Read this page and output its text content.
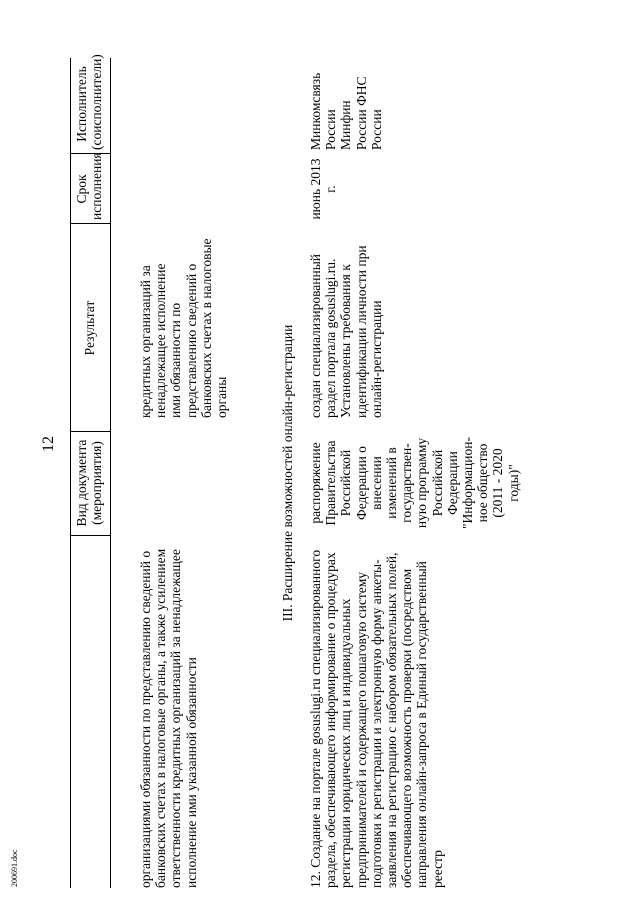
12
200691.doc
Вид документа (мероприятия)
Результат
Срок исполнения
Исполнитель (соисполнители)
организациями обязанности по представлению сведений о банковских счетах в налоговые органы, а также усилением ответственности кредитных организаций за ненадлежащее исполнение ими указанной обязанности
кредитных организаций за ненадлежащее исполнение ими обязанности по представлению сведений о банковских счетах в налоговые органы	III. Расширение возможностей онлайн-регистрации
12. Создание на портале gosuslugi.ru специализированного раздела, обеспечивающего информирование о процедурах регистрации юридических лиц и индивидуальных предпринимателей и содержащего пошаговую систему подготовки к регистрации и электронную форму анкеты-заявления на регистрацию с набором обязательных полей, обеспечивающего возможность проверки (посредством направления онлайн-запроса в Единый государственный реестр
распоряжение Правительства Российской Федерации о внесении изменений в государствен-ную программу Российской Федерации "Информацион-ное общество (2011 - 2020 годы)"
создан специализированный раздел портала gosuslugi.ru. Установлены требования к идентификации личности при онлайн-регистрации
июнь 2013 г.
Минкомсвязь России Минфин России ФНС России
